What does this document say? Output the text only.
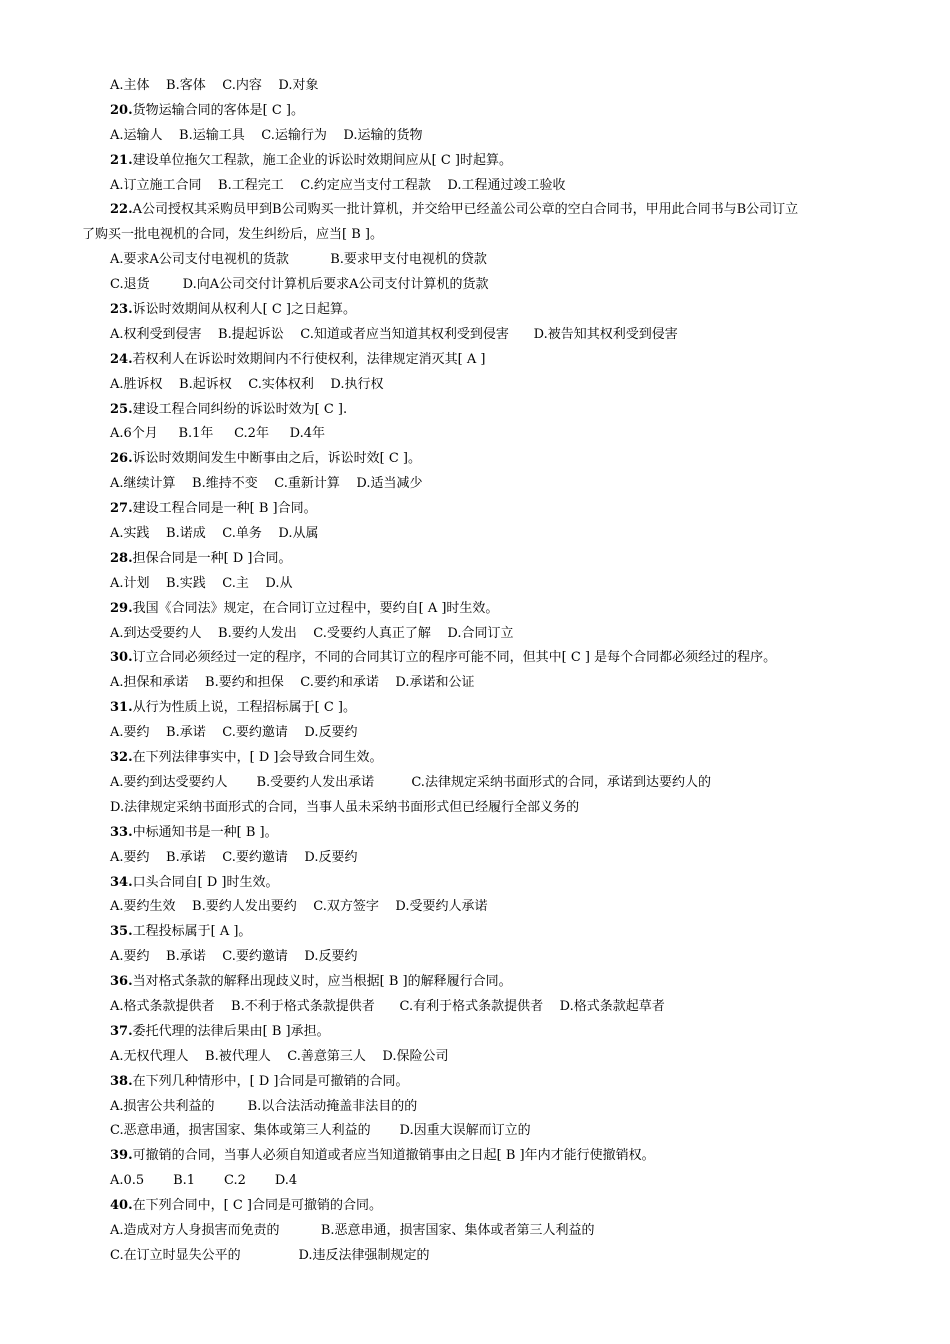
A.主体    B.客体    C.内容    D.对象
20.货物运输合同的客体是[ C ]。
A.运输人    B.运输工具    C.运输行为    D.运输的货物
21.建设单位拖欠工程款，施工企业的诉讼时效期间应从[ C ]时起算。
A.订立施工合同    B.工程完工    C.约定应当支付工程款    D.工程通过竣工验收
22.A公司授权其采购员甲到B公司购买一批计算机，并交给甲已经盖公司公章的空白合同书，甲用此合同书与B公司订立
了购买一批电视机的合同，发生纠纷后，应当[ B ]。
A.要求A公司支付电视机的货款          B.要求甲支付电视机的贷款
C.退货        D.向A公司交付计算机后要求A公司支付计算机的货款
23.诉讼时效期间从权利人[ C ]之日起算。
A.权利受到侵害    B.提起诉讼    C.知道或者应当知道其权利受到侵害      D.被告知其权利受到侵害
24.若权利人在诉讼时效期间内不行使权利，法律规定消灭其[ A ]
A.胜诉权    B.起诉权    C.实体权利    D.执行权
25.建设工程合同纠纷的诉讼时效为[ C ].
A.6个月     B.1年     C.2年     D.4年
26.诉讼时效期间发生中断事由之后，诉讼时效[ C ]。
A.继续计算    B.维持不变    C.重新计算    D.适当减少
27.建设工程合同是一种[ B ]合同。
A.实践    B.诺成    C.单务    D.从属
28.担保合同是一种[ D ]合同。
A.计划    B.实践    C.主    D.从
29.我国《合同法》规定，在合同订立过程中，要约自[ A ]时生效。
A.到达受要约人    B.要约人发出    C.受要约人真正了解    D.合同订立
30.订立合同必须经过一定的程序，不同的合同其订立的程序可能不同，但其中[ C ] 是每个合同都必须经过的程序。
A.担保和承诺    B.要约和担保    C.要约和承诺    D.承诺和公证
31.从行为性质上说，工程招标属于[ C ]。
A.要约    B.承诺    C.要约邀请    D.反要约
32.在下列法律事实中，[ D ]会导致合同生效。
A.要约到达受要约人       B.受要约人发出承诺         C.法律规定采纳书面形式的合同，承诺到达要约人的
D.法律规定采纳书面形式的合同，当事人虽未采纳书面形式但已经履行全部义务的
33.中标通知书是一种[ B ]。
A.要约    B.承诺    C.要约邀请    D.反要约
34.口头合同自[ D ]时生效。
A.要约生效    B.要约人发出要约    C.双方签字    D.受要约人承诺
35.工程投标属于[ A ]。
A.要约    B.承诺    C.要约邀请    D.反要约
36.当对格式条款的解释出现歧义时，应当根据[ B ]的解释履行合同。
A.格式条款提供者    B.不利于格式条款提供者      C.有利于格式条款提供者    D.格式条款起草者
37.委托代理的法律后果由[ B ]承担。
A.无权代理人    B.被代理人    C.善意第三人    D.保险公司
38.在下列几种情形中，[ D ]合同是可撤销的合同。
A.损害公共利益的        B.以合法活动掩盖非法目的的
C.恶意串通，损害国家、集体或第三人利益的       D.因重大误解而订立的
39.可撤销的合同，当事人必须自知道或者应当知道撤销事由之日起[ B ]年内才能行使撤销权。
A.0.5       B.1       C.2       D.4
40.在下列合同中，[ C ]合同是可撤销的合同。
A.造成对方人身损害而免责的          B.恶意串通，损害国家、集体或者第三人利益的
C.在订立时显失公平的              D.违反法律强制规定的
